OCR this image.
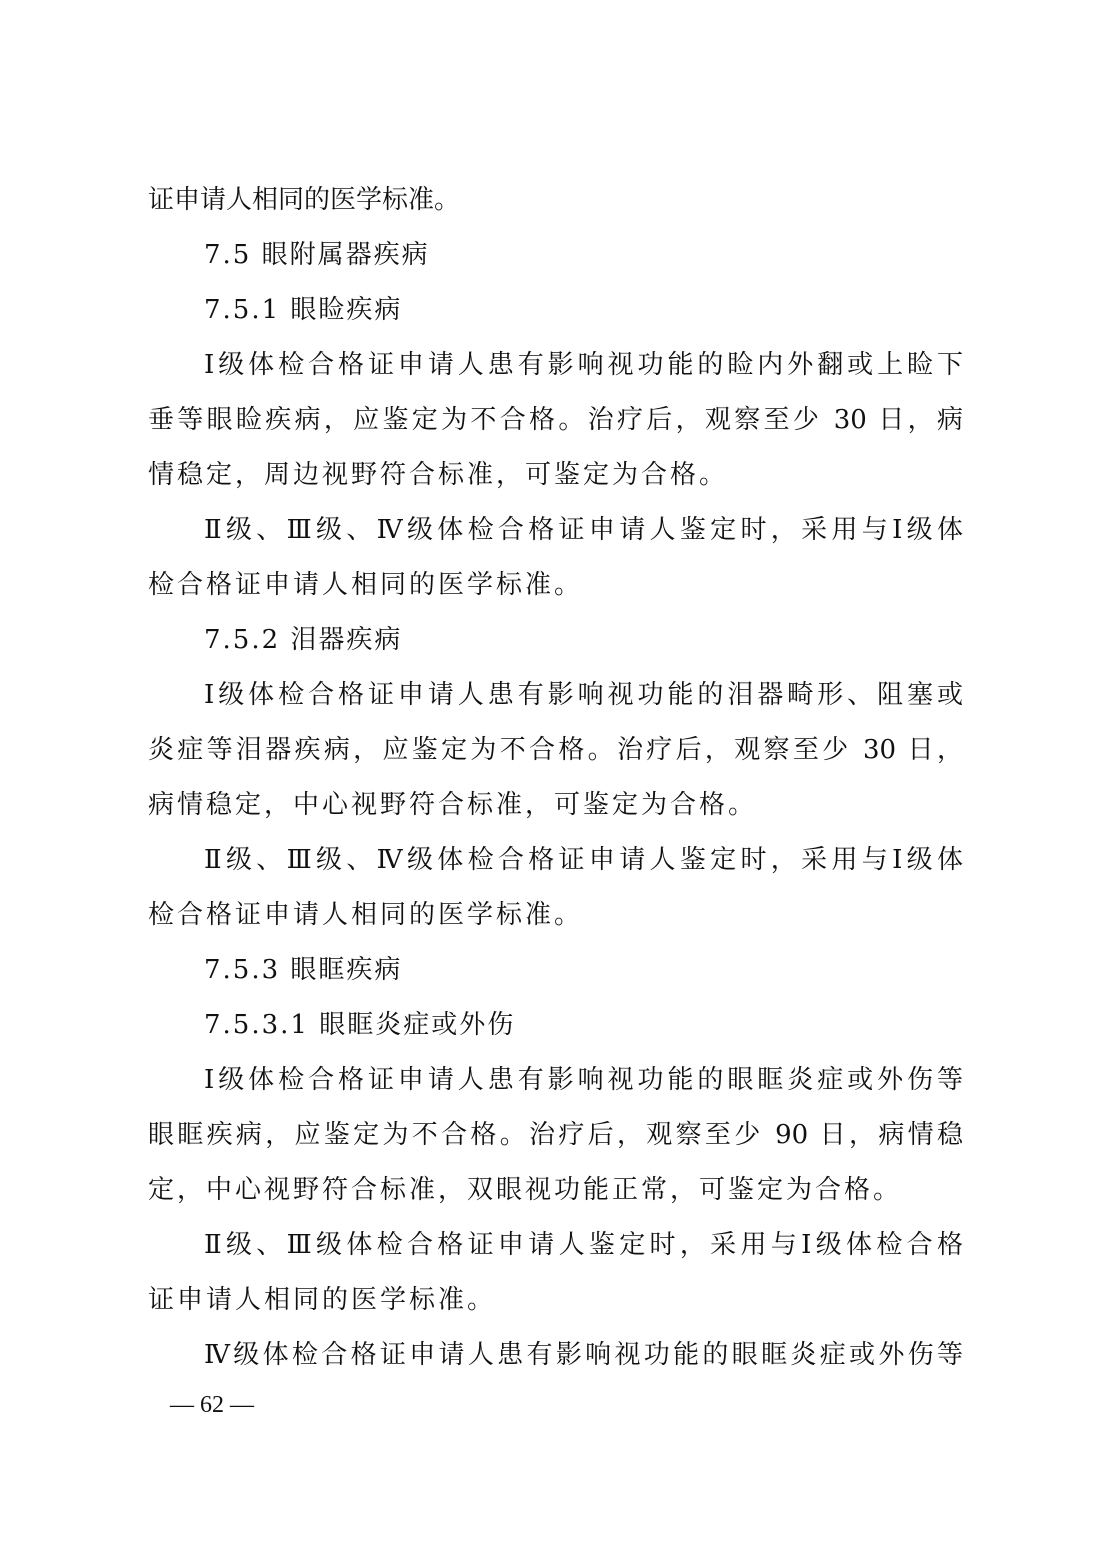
证申请人相同的医学标准。
7.5 眼附属器疾病
7.5.1 眼睑疾病
Ⅰ级体检合格证申请人患有影响视功能的睑内外翻或上睑下
垂等眼睑疾病，应鉴定为不合格。治疗后，观察至少 30 日，病
情稳定，周边视野符合标准，可鉴定为合格。
Ⅱ级、Ⅲ级、Ⅳ级体检合格证申请人鉴定时，采用与Ⅰ级体
检合格证申请人相同的医学标准。
7.5.2 泪器疾病
Ⅰ级体检合格证申请人患有影响视功能的泪器畸形、阻塞或
炎症等泪器疾病，应鉴定为不合格。治疗后，观察至少 30 日，
病情稳定，中心视野符合标准，可鉴定为合格。
Ⅱ级、Ⅲ级、Ⅳ级体检合格证申请人鉴定时，采用与Ⅰ级体
检合格证申请人相同的医学标准。
7.5.3 眼眶疾病
7.5.3.1 眼眶炎症或外伤
Ⅰ级体检合格证申请人患有影响视功能的眼眶炎症或外伤等
眼眶疾病，应鉴定为不合格。治疗后，观察至少 90 日，病情稳
定，中心视野符合标准，双眼视功能正常，可鉴定为合格。
Ⅱ级、Ⅲ级体检合格证申请人鉴定时，采用与Ⅰ级体检合格
证申请人相同的医学标准。
Ⅳ级体检合格证申请人患有影响视功能的眼眶炎症或外伤等
— 62 —
